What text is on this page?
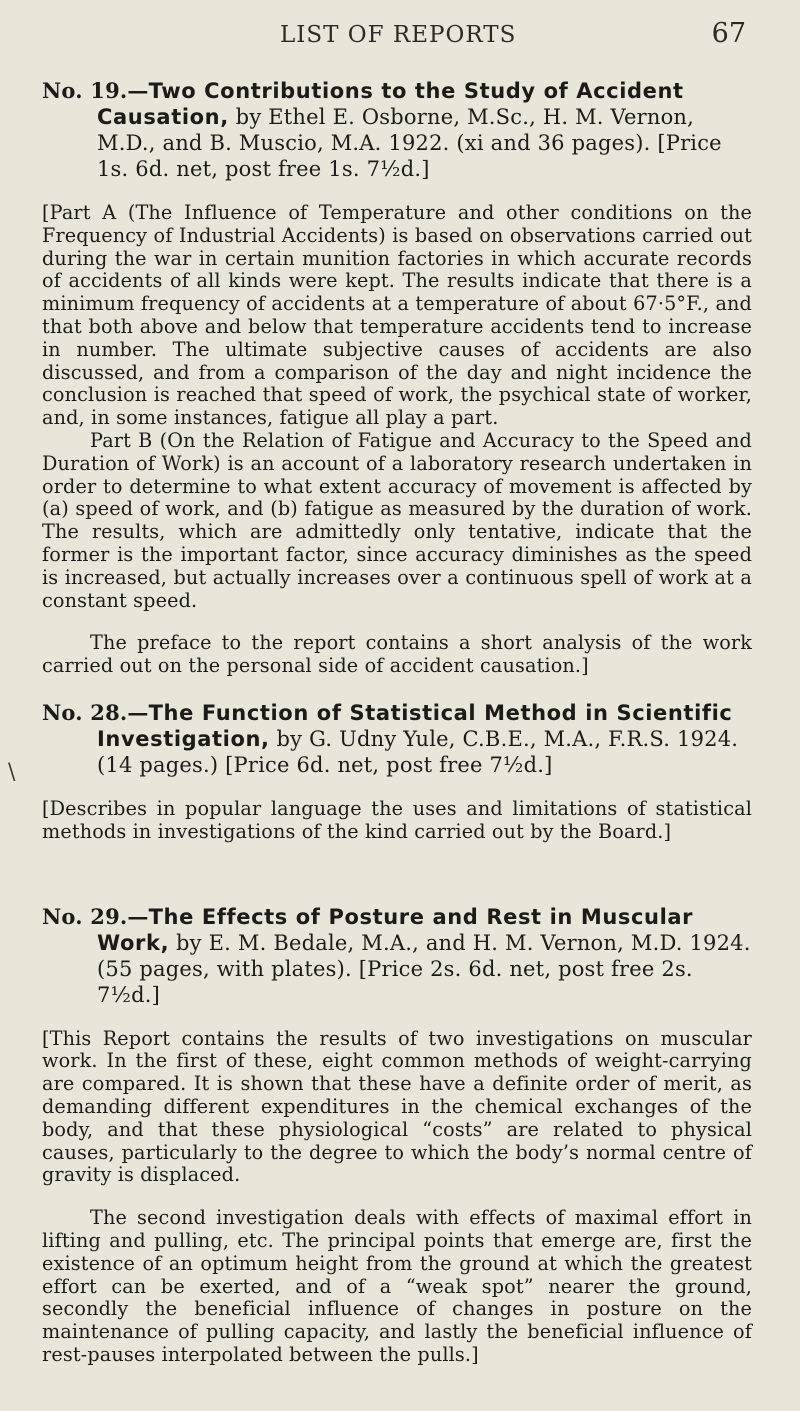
LIST OF REPORTS	67
\

No. 19.—Two Contributions to the Study of Accident Causation, by Ethel E. Osborne, M.Sc., H. M. Vernon, M.D., and B. Muscio, M.A. 1922. (xi and 36 pages). [Price 1s. 6d. net, post free 1s. 7½d.]

[Part A (The Influence of Temperature and other conditions on the Frequency of Industrial Accidents) is based on observations carried out during the war in certain munition factories in which accurate records of accidents of all kinds were kept. The results indicate that there is a minimum frequency of accidents at a temperature of about 67·5°F., and that both above and below that temperature accidents tend to increase in number. The ultimate subjective causes of accidents are also discussed, and from a comparison of the day and night incidence the conclusion is reached that speed of work, the psychical state of worker, and, in some instances, fatigue all play a part.

Part B (On the Relation of Fatigue and Accuracy to the Speed and Duration of Work) is an account of a laboratory research undertaken in order to determine to what extent accuracy of movement is affected by (a) speed of work, and (b) fatigue as measured by the duration of work. The results, which are admittedly only tentative, indicate that the former is the important factor, since accuracy diminishes as the speed is increased, but actually increases over a continuous spell of work at a constant speed.

The preface to the report contains a short analysis of the work carried out on the personal side of accident causation.]

No. 28.—The Function of Statistical Method in Scientific Investigation, by G. Udny Yule, C.B.E., M.A., F.R.S. 1924. (14 pages.) [Price 6d. net, post free 7½d.]

[Describes in popular language the uses and limitations of statistical methods in investigations of the kind carried out by the Board.]

No. 29.—The Effects of Posture and Rest in Muscular Work, by E. M. Bedale, M.A., and H. M. Vernon, M.D. 1924. (55 pages, with plates). [Price 2s. 6d. net, post free 2s. 7½d.]

[This Report contains the results of two investigations on muscular work. In the first of these, eight common methods of weight-carrying are compared. It is shown that these have a definite order of merit, as demanding different expenditures in the chemical exchanges of the body, and that these physiological “costs” are related to physical causes, particularly to the degree to which the body’s normal centre of gravity is displaced.

The second investigation deals with effects of maximal effort in lifting and pulling, etc. The principal points that emerge are, first the existence of an optimum height from the ground at which the greatest effort can be exerted, and of a “weak spot” nearer the ground, secondly the beneficial influence of changes in posture on the maintenance of pulling capacity, and lastly the beneficial influence of rest-pauses interpolated between the pulls.]
